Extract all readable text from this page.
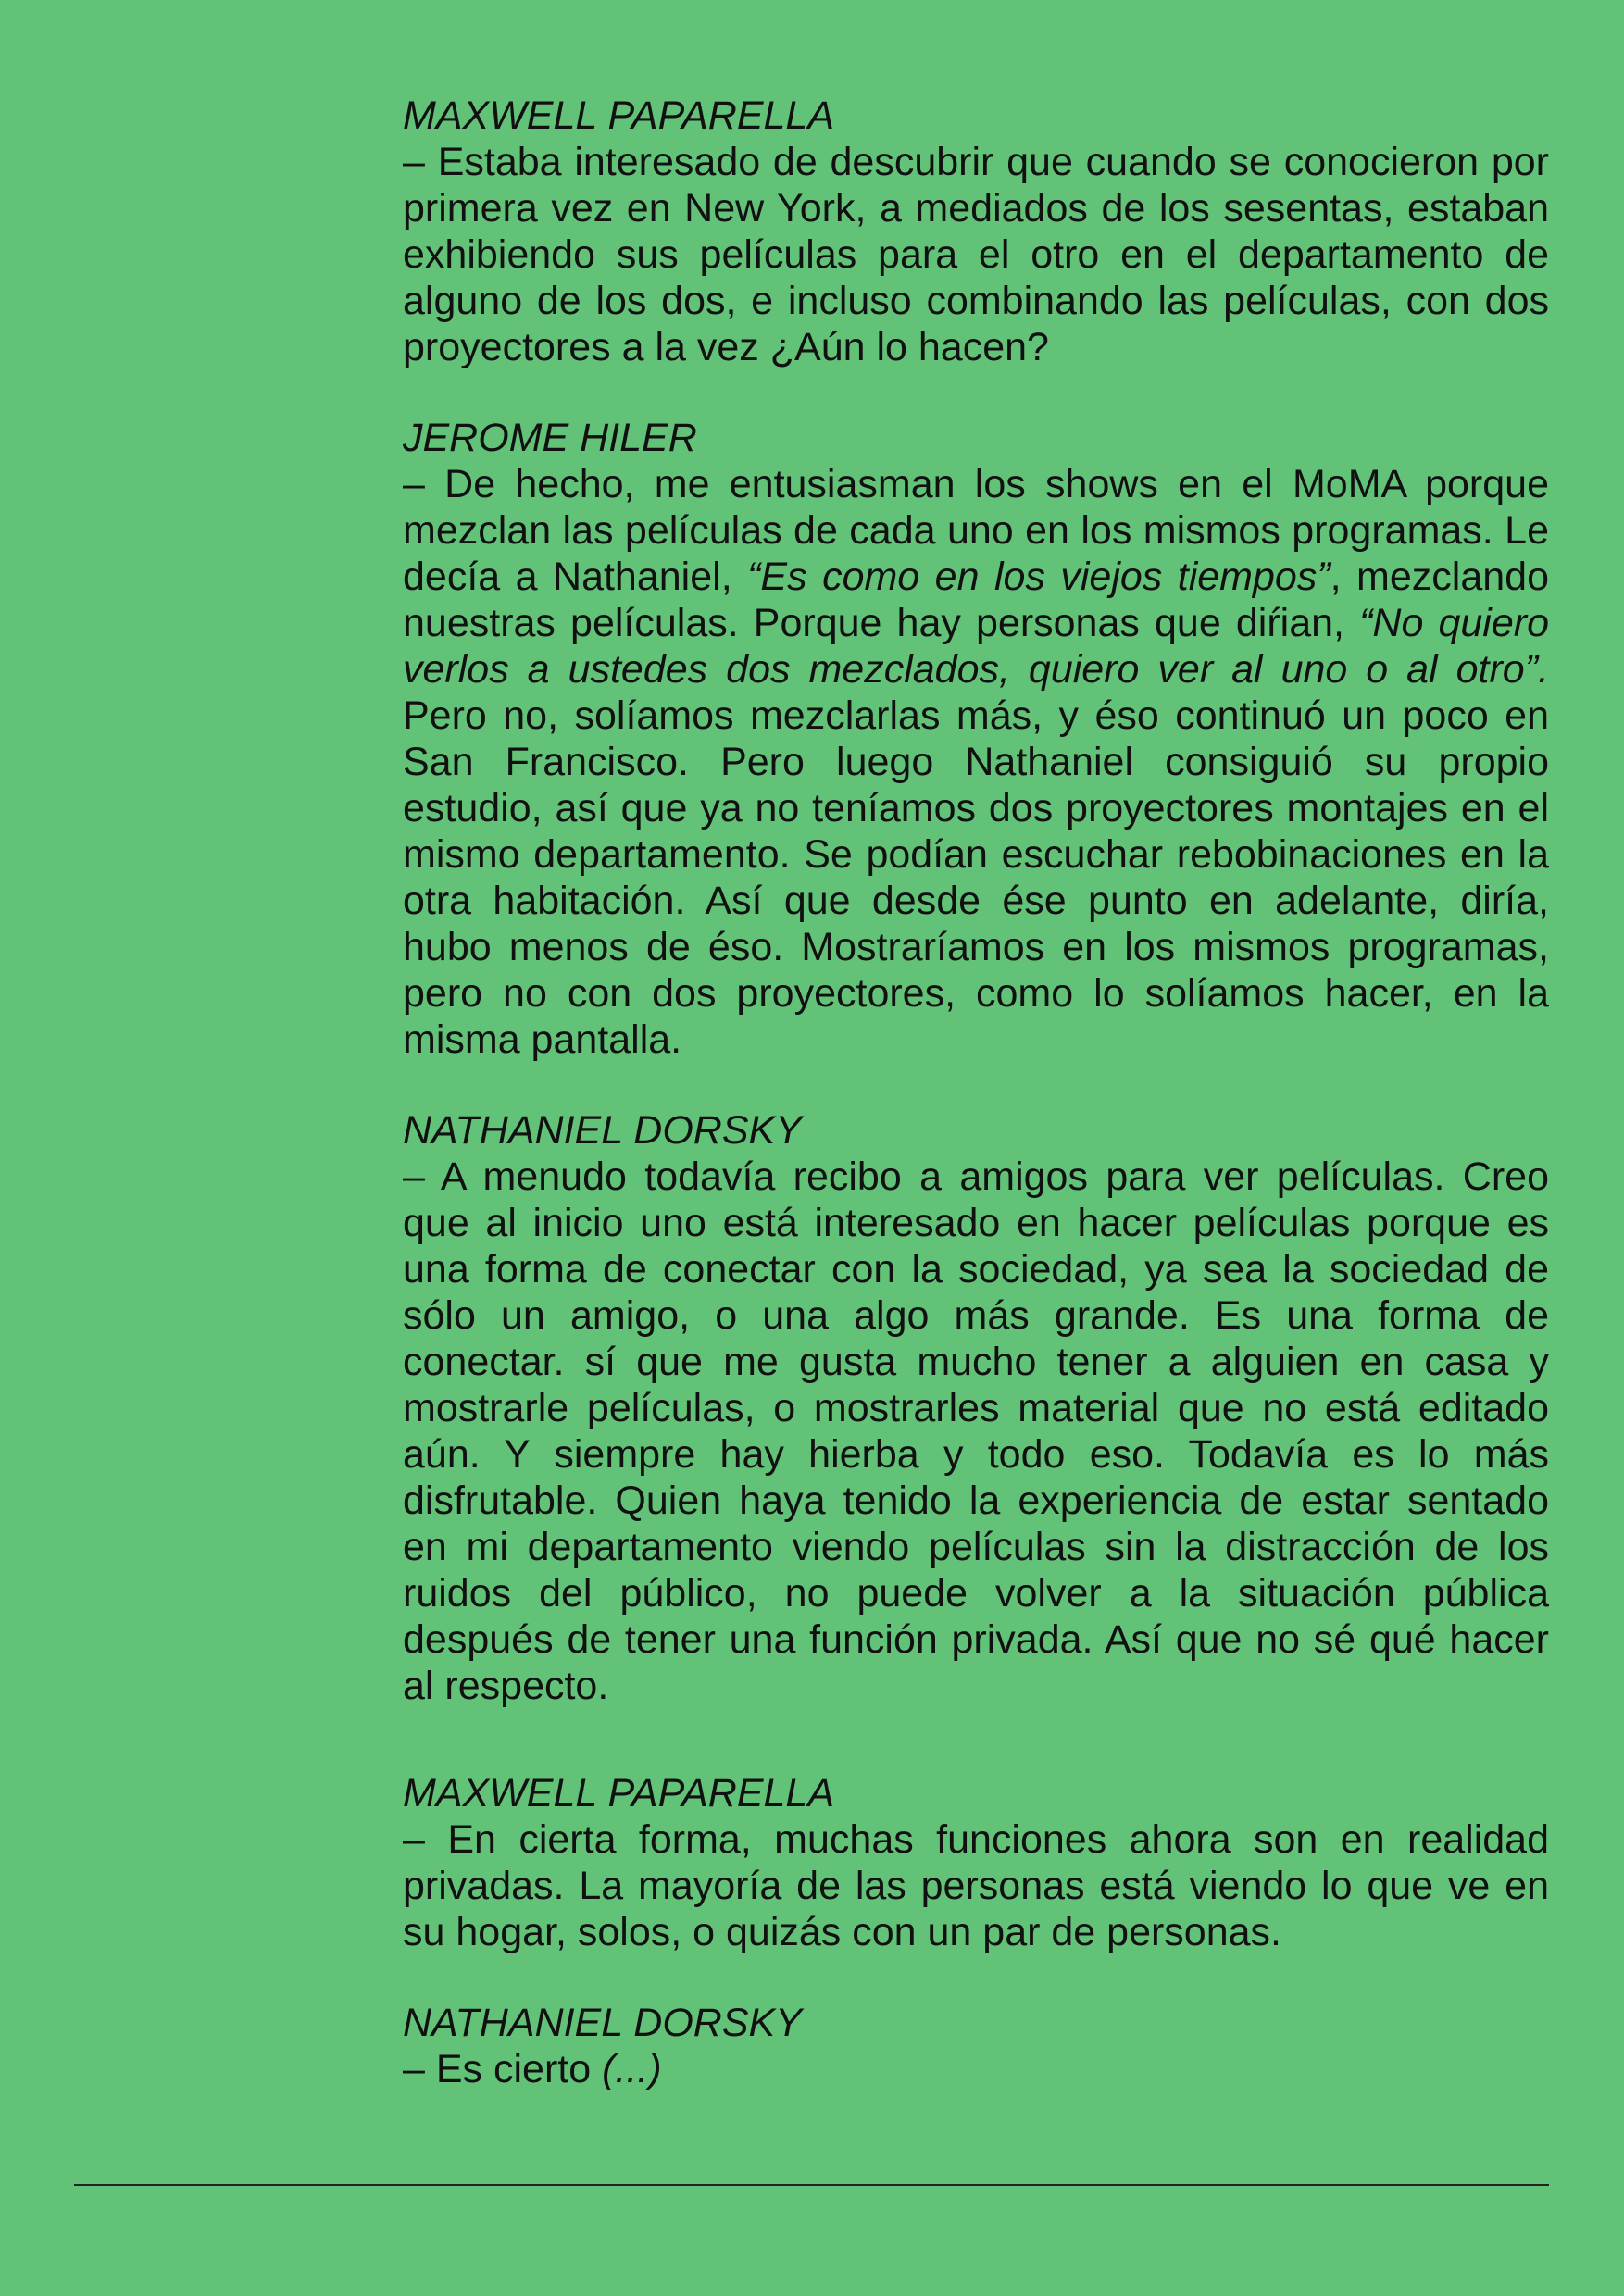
MAXWELL PAPARELLA

– Estaba interesado de descubrir que cuando se conocieron por primera vez en New York, a mediados de los sesentas, estaban exhibiendo sus películas para el otro en el departamento de alguno de los dos, e incluso combinando las películas, con dos proyectores a la vez ¿Aún lo hacen?

JEROME HILER

– De hecho, me entusiasman los shows en el MoMA porque mezclan las películas de cada uno en los mismos programas. Le decía a Nathaniel, “Es como en los viejos tiempos”, mezclando nuestras películas. Porque hay personas que diŕian, “No quiero verlos a ustedes dos mezclados, quiero ver al uno o al otro”. Pero no, solíamos mezclarlas más, y éso continuó un poco en San Francisco. Pero luego Nathaniel consiguió su propio estudio, así que ya no teníamos dos proyectores montajes en el mismo departamento. Se podían escuchar rebobinaciones en la otra habitación. Así que desde ése punto en adelante, diría, hubo menos de éso. Mostraríamos en los mismos programas, pero no con dos proyectores, como lo solíamos hacer, en la misma pantalla.

NATHANIEL DORSKY

– A menudo todavía recibo a amigos para ver películas. Creo que al inicio uno está interesado en hacer películas porque es una forma de conectar con la sociedad, ya sea la sociedad de sólo un amigo, o una algo más grande. Es una forma de conectar. sí que me gusta mucho tener a alguien en casa y mostrarle películas, o mostrarles material que no está editado aún. Y siempre hay hierba y todo eso. Todavía es lo más disfrutable. Quien haya tenido la experiencia de estar sentado en mi departamento viendo películas sin la distracción de los ruidos del público, no puede volver a la situación pública después de tener una función privada. Así que no sé qué hacer al respecto.

MAXWELL PAPARELLA

– En cierta forma, muchas funciones ahora son en realidad privadas. La mayoría de las personas está viendo lo que ve en su hogar, solos, o quizás con un par de personas.

NATHANIEL DORSKY

– Es cierto (...)
